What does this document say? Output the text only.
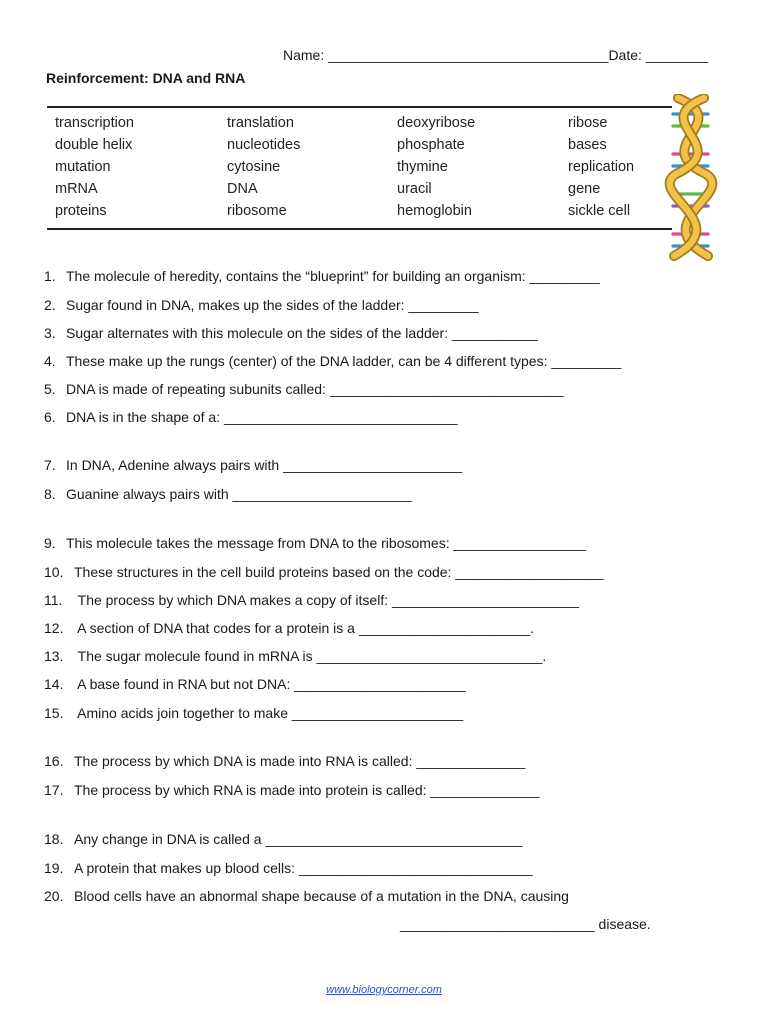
Name: ____________________________________Date: ________
Reinforcement: DNA and RNA
transcription	translation	deoxyribose	ribose
double helix	nucleotides	phosphate	bases
mutation	cytosine	thymine	replication
mRNA	DNA	uracil	gene
proteins	ribosome	hemoglobin	sickle cell
1. The molecule of heredity, contains the “blueprint” for building an organism: _________
2. Sugar found in DNA, makes up the sides of the ladder: _________
3. Sugar alternates with this molecule on the sides of the ladder: ___________
4. These make up the rungs (center) of the DNA ladder, can be 4 different types: _________
5. DNA is made of repeating subunits called: ______________________________
6. DNA is in the shape of a: ______________________________
7. In DNA, Adenine always pairs with _______________________
8. Guanine always pairs with _______________________
9. This molecule takes the message from DNA to the ribosomes: _________________
10. These structures in the cell build proteins based on the code: ___________________
11. The process by which DNA makes a copy of itself: ________________________
12. A section of DNA that codes for a protein is a ______________________.
13. The sugar molecule found in mRNA is _____________________________.
14. A base found in RNA but not DNA: ______________________
15. Amino acids join together to make ______________________
16. The process by which DNA is made into RNA is called: ______________
17. The process by which RNA is made into protein is called: ______________
18. Any change in DNA is called a _________________________________
19. A protein that makes up blood cells: ______________________________
20. Blood cells have an abnormal shape because of a mutation in the DNA, causing
_________________________ disease.
www.biologycorner.com
